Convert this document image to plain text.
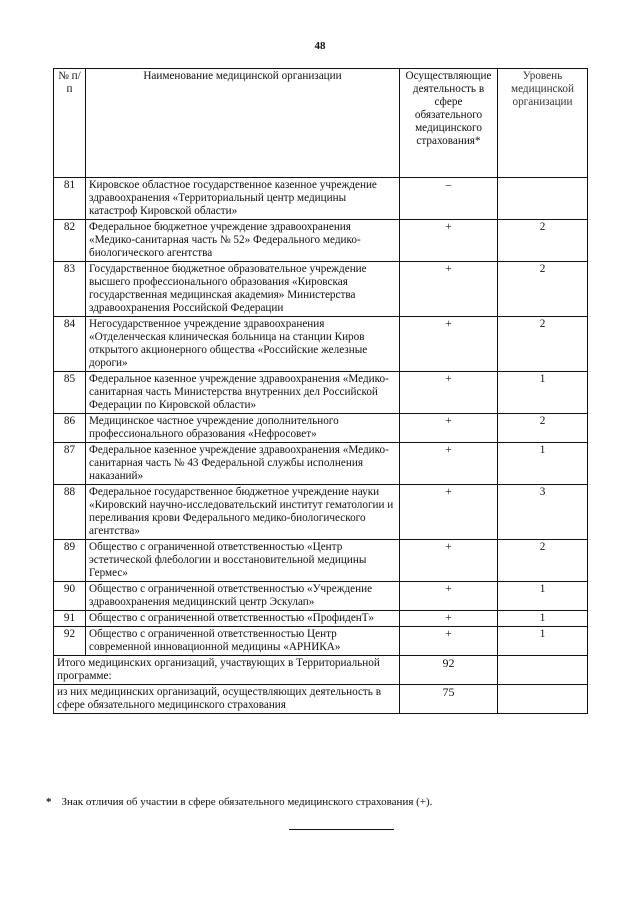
48
№ п/п	Наименование медицинской организации	Осуществляющие деятельность в сфере обязательного медицинского страхования*	Уровень медицинской организации
81	Кировское областное государственное казенное учреждение здравоохранения «Территориальный центр медицины катастроф Кировской области»	–	
82	Федеральное бюджетное учреждение здравоохранения «Медико-санитарная часть № 52» Федерального медико-биологического агентства	+	2
83	Государственное бюджетное образовательное учреждение высшего профессионального образования «Кировская государственная медицинская академия» Министерства здравоохранения Российской Федерации	+	2
84	Негосударственное учреждение здравоохранения «Отделенческая клиническая больница на станции Киров открытого акционерного общества «Российские железные дороги»	+	2
85	Федеральное казенное учреждение здравоохранения «Медико-санитарная часть Министерства внутренних дел Российской Федерации по Кировской области»	+	1
86	Медицинское частное учреждение дополнительного профессионального образования «Нефросовет»	+	2
87	Федеральное казенное учреждение здравоохранения «Медико-санитарная часть № 43 Федеральной службы исполнения наказаний»	+	1
88	Федеральное государственное бюджетное учреждение науки «Кировский научно-исследовательский институт гематологии и переливания крови Федерального медико-биологического агентства»	+	3
89	Общество с ограниченной ответственностью «Центр эстетической флебологии и восстановительной медицины Гермес»	+	2
90	Общество с ограниченной ответственностью «Учреждение здравоохранения медицинский центр Эскулап»	+	1
91	Общество с ограниченной ответственностью «ПрофиденТ»	+	1
92	Общество с ограниченной ответственностью Центр современной инновационной медицины «АРНИКА»	+	1
Итого медицинских организаций, участвующих в Территориальной программе:		92	
из них медицинских организаций, осуществляющих деятельность в сфере обязательного медицинского страхования		75	
* Знак отличия об участии в сфере обязательного медицинского страхования (+).
